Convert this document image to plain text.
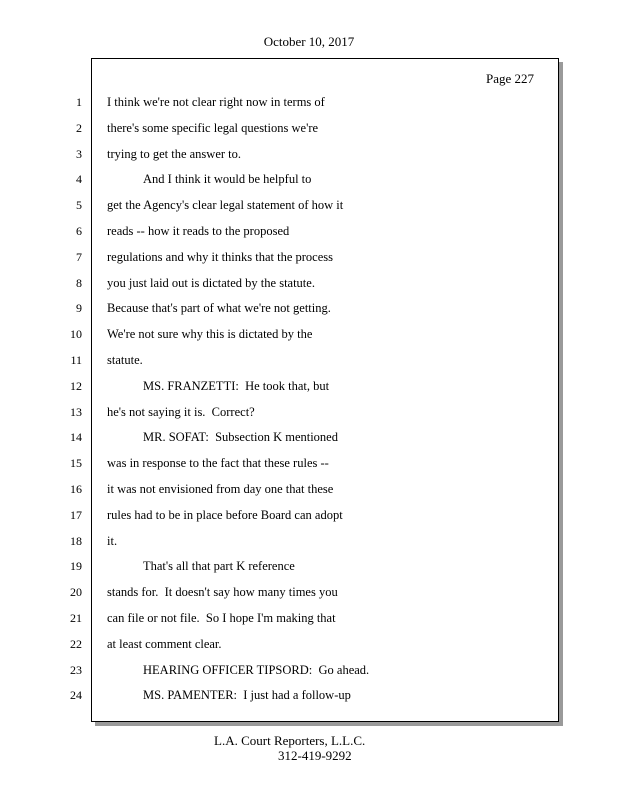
October 10, 2017
Page 227
1
2
3
4
5
6
7
8
9
10
11
12
13
14
15
16
17
18
19
20
21
22
23
24
I think we're not clear right now in terms of
there's some specific legal questions we're
trying to get the answer to.
And I think it would be helpful to
get the Agency's clear legal statement of how it
reads -- how it reads to the proposed
regulations and why it thinks that the process
you just laid out is dictated by the statute.
Because that's part of what we're not getting.
We're not sure why this is dictated by the
statute.
MS. FRANZETTI:  He took that, but
he's not saying it is.  Correct?
MR. SOFAT:  Subsection K mentioned
was in response to the fact that these rules --
it was not envisioned from day one that these
rules had to be in place before Board can adopt
it.
That's all that part K reference
stands for.  It doesn't say how many times you
can file or not file.  So I hope I'm making that
at least comment clear.
HEARING OFFICER TIPSORD:  Go ahead.
MS. PAMENTER:  I just had a follow-up
L.A. Court Reporters, L.L.C.
312-419-9292
